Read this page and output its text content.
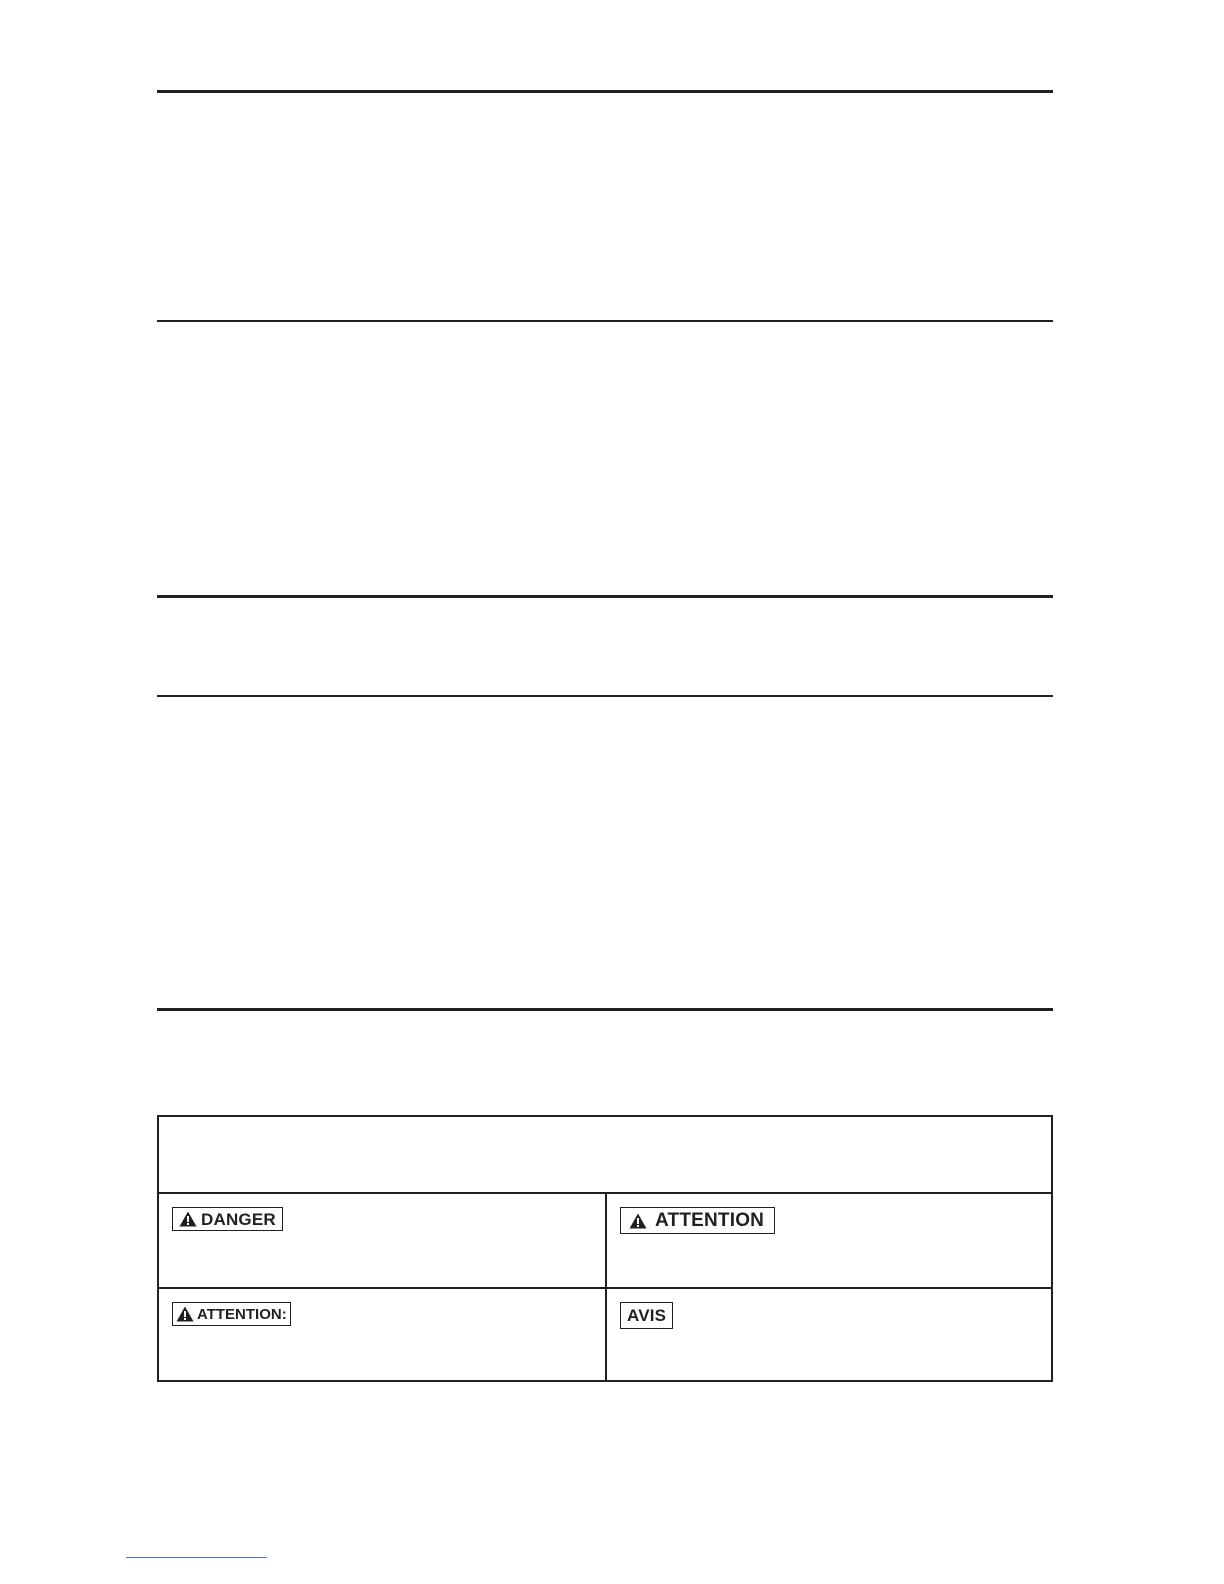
DANGER	ATTENTION
ATTENTION:	AVIS
